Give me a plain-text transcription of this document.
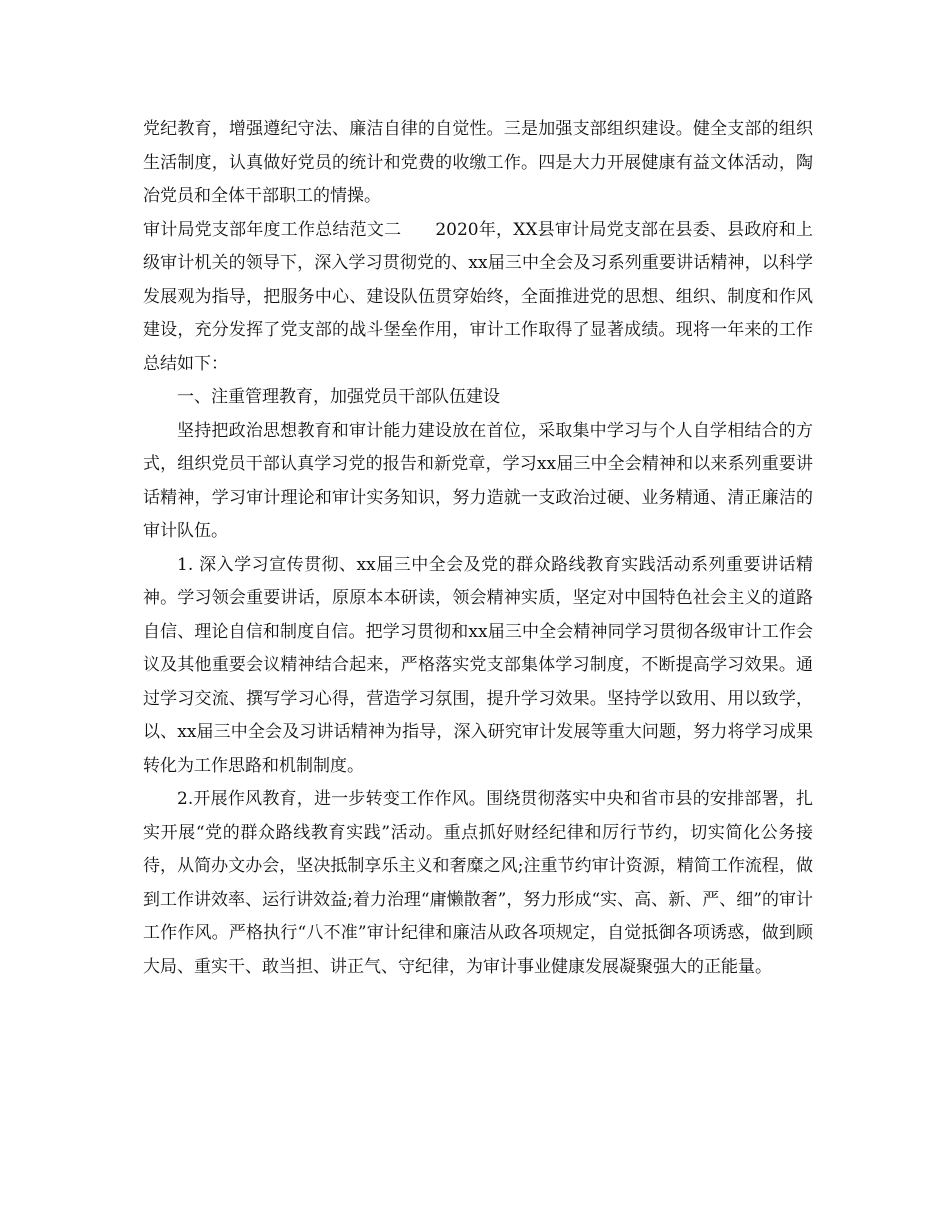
党纪教育，增强遵纪守法、廉洁自律的自觉性。三是加强支部组织建设。健全支部的组织生活制度，认真做好党员的统计和党费的收缴工作。四是大力开展健康有益文体活动，陶冶党员和全体干部职工的情操。

审计局党支部年度工作总结范文二 2020年，XX县审计局党支部在县委、县政府和上级审计机关的领导下，深入学习贯彻党的、xx届三中全会及习系列重要讲话精神，以科学发展观为指导，把服务中心、建设队伍贯穿始终，全面推进党的思想、组织、制度和作风建设，充分发挥了党支部的战斗堡垒作用，审计工作取得了显著成绩。现将一年来的工作总结如下：

一、注重管理教育，加强党员干部队伍建设

坚持把政治思想教育和审计能力建设放在首位，采取集中学习与个人自学相结合的方式，组织党员干部认真学习党的报告和新党章，学习xx届三中全会精神和以来系列重要讲话精神，学习审计理论和审计实务知识，努力造就一支政治过硬、业务精通、清正廉洁的审计队伍。

1. 深入学习宣传贯彻、xx届三中全会及党的群众路线教育实践活动系列重要讲话精神。学习领会重要讲话，原原本本研读，领会精神实质，坚定对中国特色社会主义的道路自信、理论自信和制度自信。把学习贯彻和xx届三中全会精神同学习贯彻各级审计工作会议及其他重要会议精神结合起来，严格落实党支部集体学习制度，不断提高学习效果。通过学习交流、撰写学习心得，营造学习氛围，提升学习效果。坚持学以致用、用以致学，以、xx届三中全会及习讲话精神为指导，深入研究审计发展等重大问题，努力将学习成果转化为工作思路和机制制度。

2.开展作风教育，进一步转变工作作风。围绕贯彻落实中央和省市县的安排部署，扎实开展“党的群众路线教育实践”活动。重点抓好财经纪律和厉行节约，切实简化公务接待，从简办文办会，坚决抵制享乐主义和奢糜之风;注重节约审计资源，精简工作流程，做到工作讲效率、运行讲效益;着力治理“庸懒散奢”，努力形成“实、高、新、严、细”的审计工作作风。严格执行“八不准”审计纪律和廉洁从政各项规定，自觉抵御各项诱惑，做到顾大局、重实干、敢当担、讲正气、守纪律，为审计事业健康发展凝聚强大的正能量。
